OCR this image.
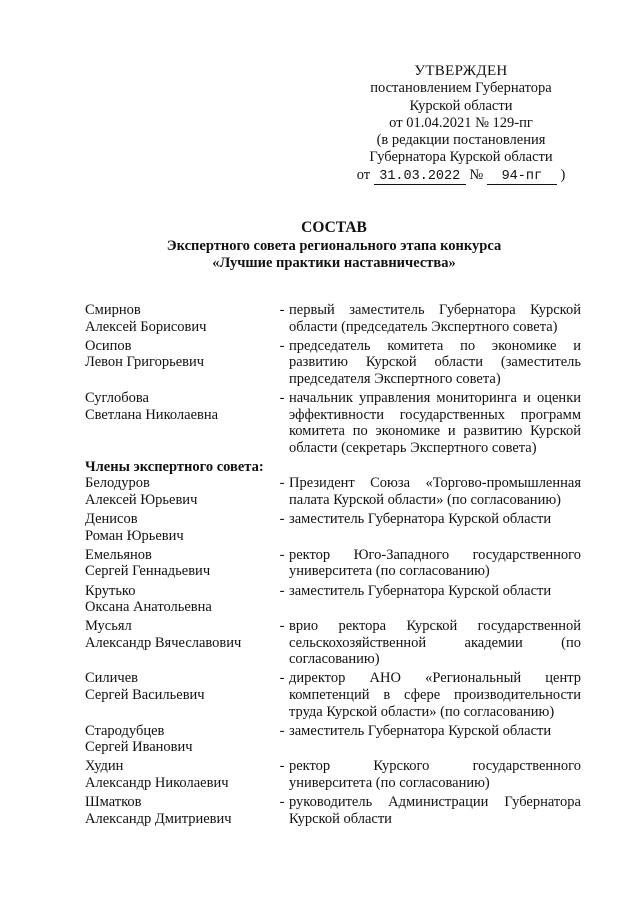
УТВЕРЖДЕН
постановлением Губернатора
Курской области
от 01.04.2021 № 129-пг
(в редакции постановления
Губернатора Курской области
от 31.03.2022 № 94-пг )
СОСТАВ
Экспертного совета регионального этапа конкурса
«Лучшие практики наставничества»
Смирнов
Алексей Борисович
- первый заместитель Губернатора Курской области (председатель Экспертного совета)
Осипов
Левон Григорьевич
- председатель комитета по экономике и развитию Курской области (заместитель председателя Экспертного совета)
Суглобова
Светлана Николаевна
- начальник управления мониторинга и оценки эффективности государственных программ комитета по экономике и развитию Курской области (секретарь Экспертного совета)
Члены экспертного совета:
Белодуров
Алексей Юрьевич
- Президент Союза «Торгово-промышленная палата Курской области» (по согласованию)
Денисов
Роман Юрьевич
- заместитель Губернатора Курской области
Емельянов
Сергей Геннадьевич
- ректор Юго-Западного государственного университета (по согласованию)
Крутько
Оксана Анатольевна
- заместитель Губернатора Курской области
Мусьял
Александр Вячеславович
- врио ректора Курской государственной сельскохозяйственной академии (по согласованию)
Силичев
Сергей Васильевич
- директор АНО «Региональный центр компетенций в сфере производительности труда Курской области» (по согласованию)
Стародубцев
Сергей Иванович
- заместитель Губернатора Курской области
Худин
Александр Николаевич
- ректор Курского государственного университета (по согласованию)
Шматков
Александр Дмитриевич
- руководитель Администрации Губернатора Курской области
